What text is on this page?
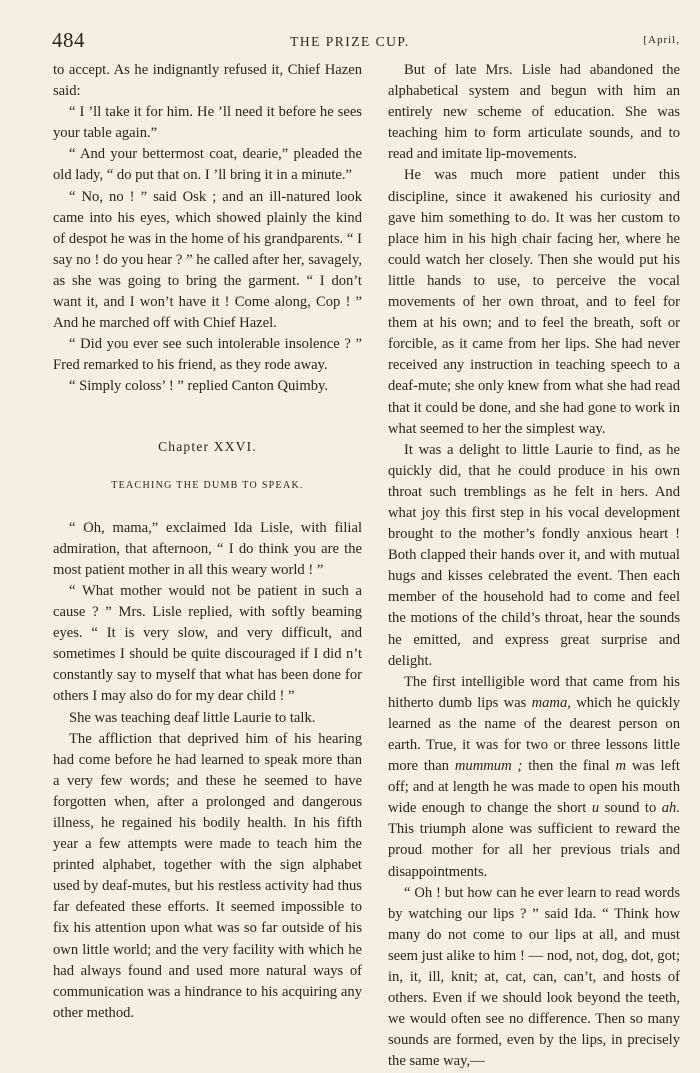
484	THE PRIZE CUP.	[April,

to accept. As he indignantly refused it, Chief Hazen said:

“ I ’ll take it for him. He ’ll need it before he sees your table again.”

“ And your bettermost coat, dearie,” pleaded the old lady, “ do put that on. I ’ll bring it in a minute.”

“ No, no ! ” said Osk ; and an ill-natured look came into his eyes, which showed plainly the kind of despot he was in the home of his grandparents. “ I say no ! do you hear ? ” he called after her, savagely, as she was going to bring the garment. “ I don’t want it, and I won’t have it ! Come along, Cop ! ” And he marched off with Chief Hazel.

“ Did you ever see such intolerable insolence ? ” Fred remarked to his friend, as they rode away.

“ Simply coloss’ ! ” replied Canton Quimby.

Chapter XXVI.
TEACHING THE DUMB TO SPEAK.

“ Oh, mama,” exclaimed Ida Lisle, with filial admiration, that afternoon, “ I do think you are the most patient mother in all this weary world ! ”

“ What mother would not be patient in such a cause ? ” Mrs. Lisle replied, with softly beaming eyes. “ It is very slow, and very difficult, and sometimes I should be quite discouraged if I did n’t constantly say to myself that what has been done for others I may also do for my dear child ! ”

She was teaching deaf little Laurie to talk.

The affliction that deprived him of his hearing had come before he had learned to speak more than a very few words; and these he seemed to have forgotten when, after a prolonged and dangerous illness, he regained his bodily health. In his fifth year a few attempts were made to teach him the printed alphabet, together with the sign alphabet used by deaf-mutes, but his restless activity had thus far defeated these efforts. It seemed impossible to fix his attention upon what was so far outside of his own little world; and the very facility with which he had always found and used more natural ways of communication was a hindrance to his acquiring any other method.

But of late Mrs. Lisle had abandoned the alphabetical system and begun with him an entirely new scheme of education. She was teaching him to form articulate sounds, and to read and imitate lip-movements.

He was much more patient under this discipline, since it awakened his curiosity and gave him something to do. It was her custom to place him in his high chair facing her, where he could watch her closely. Then she would put his little hands to use, to perceive the vocal movements of her own throat, and to feel for them at his own; and to feel the breath, soft or forcible, as it came from her lips. She had never received any instruction in teaching speech to a deaf-mute; she only knew from what she had read that it could be done, and she had gone to work in what seemed to her the simplest way.

It was a delight to little Laurie to find, as he quickly did, that he could produce in his own throat such tremblings as he felt in hers. And what joy this first step in his vocal development brought to the mother’s fondly anxious heart ! Both clapped their hands over it, and with mutual hugs and kisses celebrated the event. Then each member of the household had to come and feel the motions of the child’s throat, hear the sounds he emitted, and express great surprise and delight.

The first intelligible word that came from his hitherto dumb lips was mama, which he quickly learned as the name of the dearest person on earth. True, it was for two or three lessons little more than mummum ; then the final m was left off; and at length he was made to open his mouth wide enough to change the short u sound to ah. This triumph alone was sufficient to reward the proud mother for all her previous trials and disappointments.

“ Oh ! but how can he ever learn to read words by watching our lips ? ” said Ida. “ Think how many do not come to our lips at all, and must seem just alike to him ! — nod, not, dog, dot, got; in, it, ill, knit; at, cat, can, can’t, and hosts of others. Even if we should look beyond the teeth, we would often see no difference. Then so many sounds are formed, even by the lips, in precisely the same way,—
